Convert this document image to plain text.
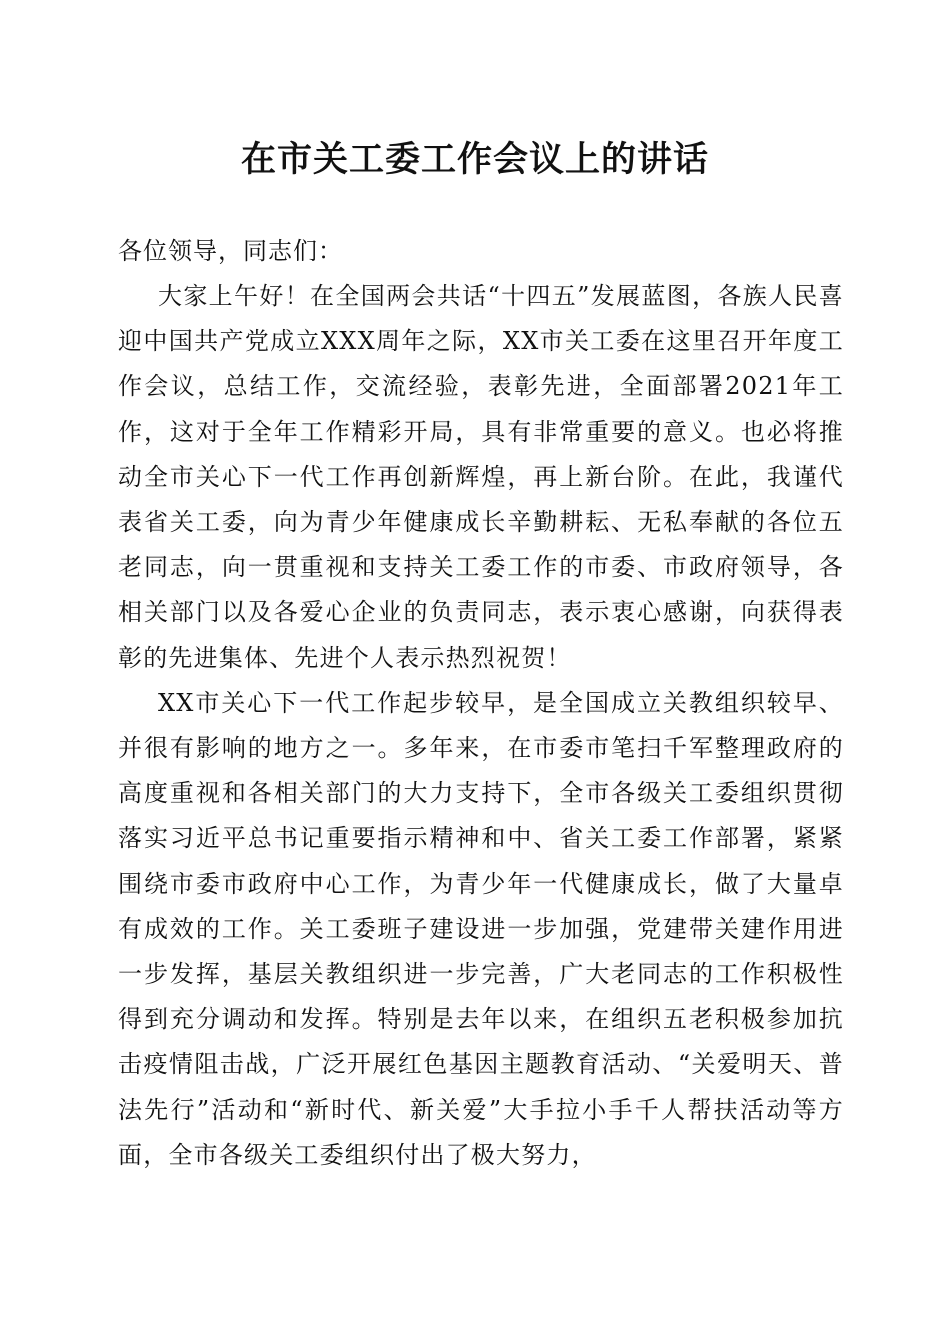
在市关工委工作会议上的讲话

各位领导，同志们：

大家上午好！在全国两会共话“十四五”发展蓝图，各族人民喜迎中国共产党成立XXX周年之际，XX市关工委在这里召开年度工作会议，总结工作，交流经验，表彰先进，全面部署2021年工作，这对于全年工作精彩开局，具有非常重要的意义。也必将推动全市关心下一代工作再创新辉煌，再上新台阶。在此，我谨代表省关工委，向为青少年健康成长辛勤耕耘、无私奉献的各位五老同志，向一贯重视和支持关工委工作的市委、市政府领导，各相关部门以及各爱心企业的负责同志，表示衷心感谢，向获得表彰的先进集体、先进个人表示热烈祝贺！

XX市关心下一代工作起步较早，是全国成立关教组织较早、并很有影响的地方之一。多年来，在市委市笔扫千军整理政府的高度重视和各相关部门的大力支持下，全市各级关工委组织贯彻落实习近平总书记重要指示精神和中、省关工委工作部署，紧紧围绕市委市政府中心工作，为青少年一代健康成长，做了大量卓有成效的工作。关工委班子建设进一步加强，党建带关建作用进一步发挥，基层关教组织进一步完善，广大老同志的工作积极性得到充分调动和发挥。特别是去年以来，在组织五老积极参加抗击疫情阻击战，广泛开展红色基因主题教育活动、“关爱明天、普法先行”活动和“新时代、新关爱”大手拉小手千人帮扶活动等方面，全市各级关工委组织付出了极大努力，
